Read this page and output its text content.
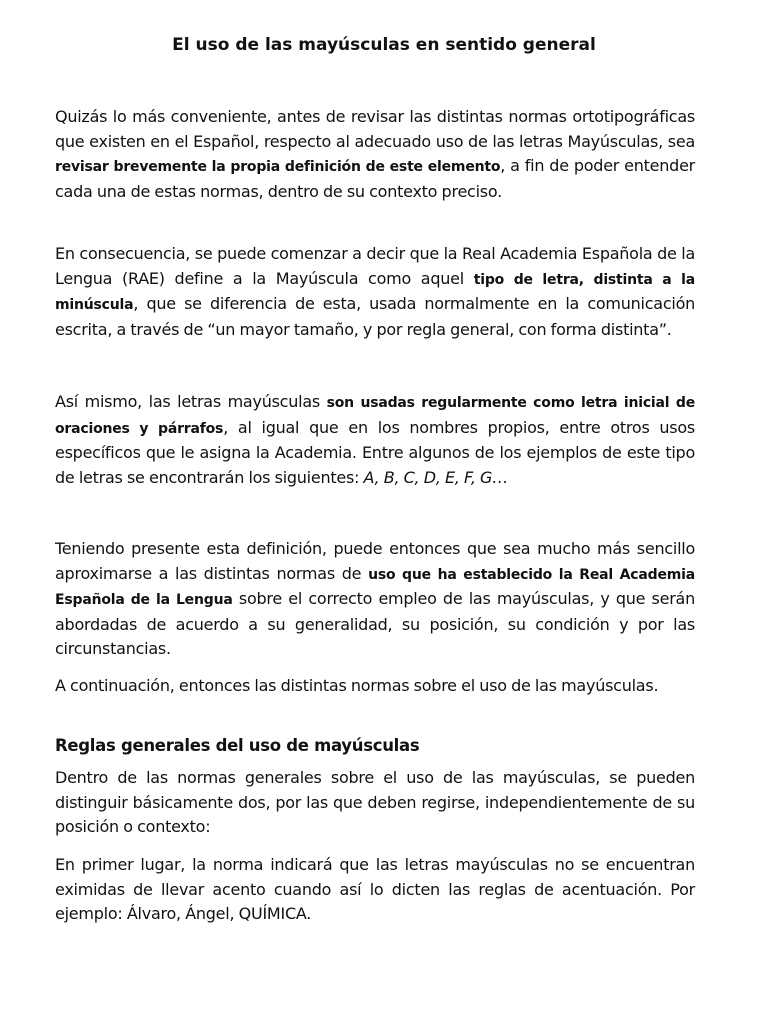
El uso de las mayúsculas en sentido general

Quizás lo más conveniente, antes de revisar las distintas normas ortotipográficas que existen en el Español, respecto al adecuado uso de las letras Mayúsculas, sea revisar brevemente la propia definición de este elemento, a fin de poder entender cada una de estas normas, dentro de su contexto preciso.

En consecuencia, se puede comenzar a decir que la Real Academia Española de la Lengua (RAE) define a la Mayúscula como aquel tipo de letra, distinta a la minúscula, que se diferencia de esta, usada normalmente en la comunicación escrita, a través de “un mayor tamaño, y por regla general, con forma distinta”.

Así mismo, las letras mayúsculas son usadas regularmente como letra inicial de oraciones y párrafos, al igual que en los nombres propios, entre otros usos específicos que le asigna la Academia. Entre algunos de los ejemplos de este tipo de letras se encontrarán los siguientes: A, B, C, D, E, F, G…

Teniendo presente esta definición, puede entonces que sea mucho más sencillo aproximarse a las distintas normas de uso que ha establecido la Real Academia Española de la Lengua sobre el correcto empleo de las mayúsculas, y que serán abordadas de acuerdo a su generalidad, su posición, su condición y por las circunstancias.

A continuación, entonces las distintas normas sobre el uso de las mayúsculas.

Reglas generales del uso de mayúsculas

Dentro de las normas generales sobre el uso de las mayúsculas, se pueden distinguir básicamente dos, por las que deben regirse, independientemente de su posición o contexto:

En primer lugar, la norma indicará que las letras mayúsculas no se encuentran eximidas de llevar acento cuando así lo dicten las reglas de acentuación. Por ejemplo: Álvaro, Ángel, QUÍMICA.
